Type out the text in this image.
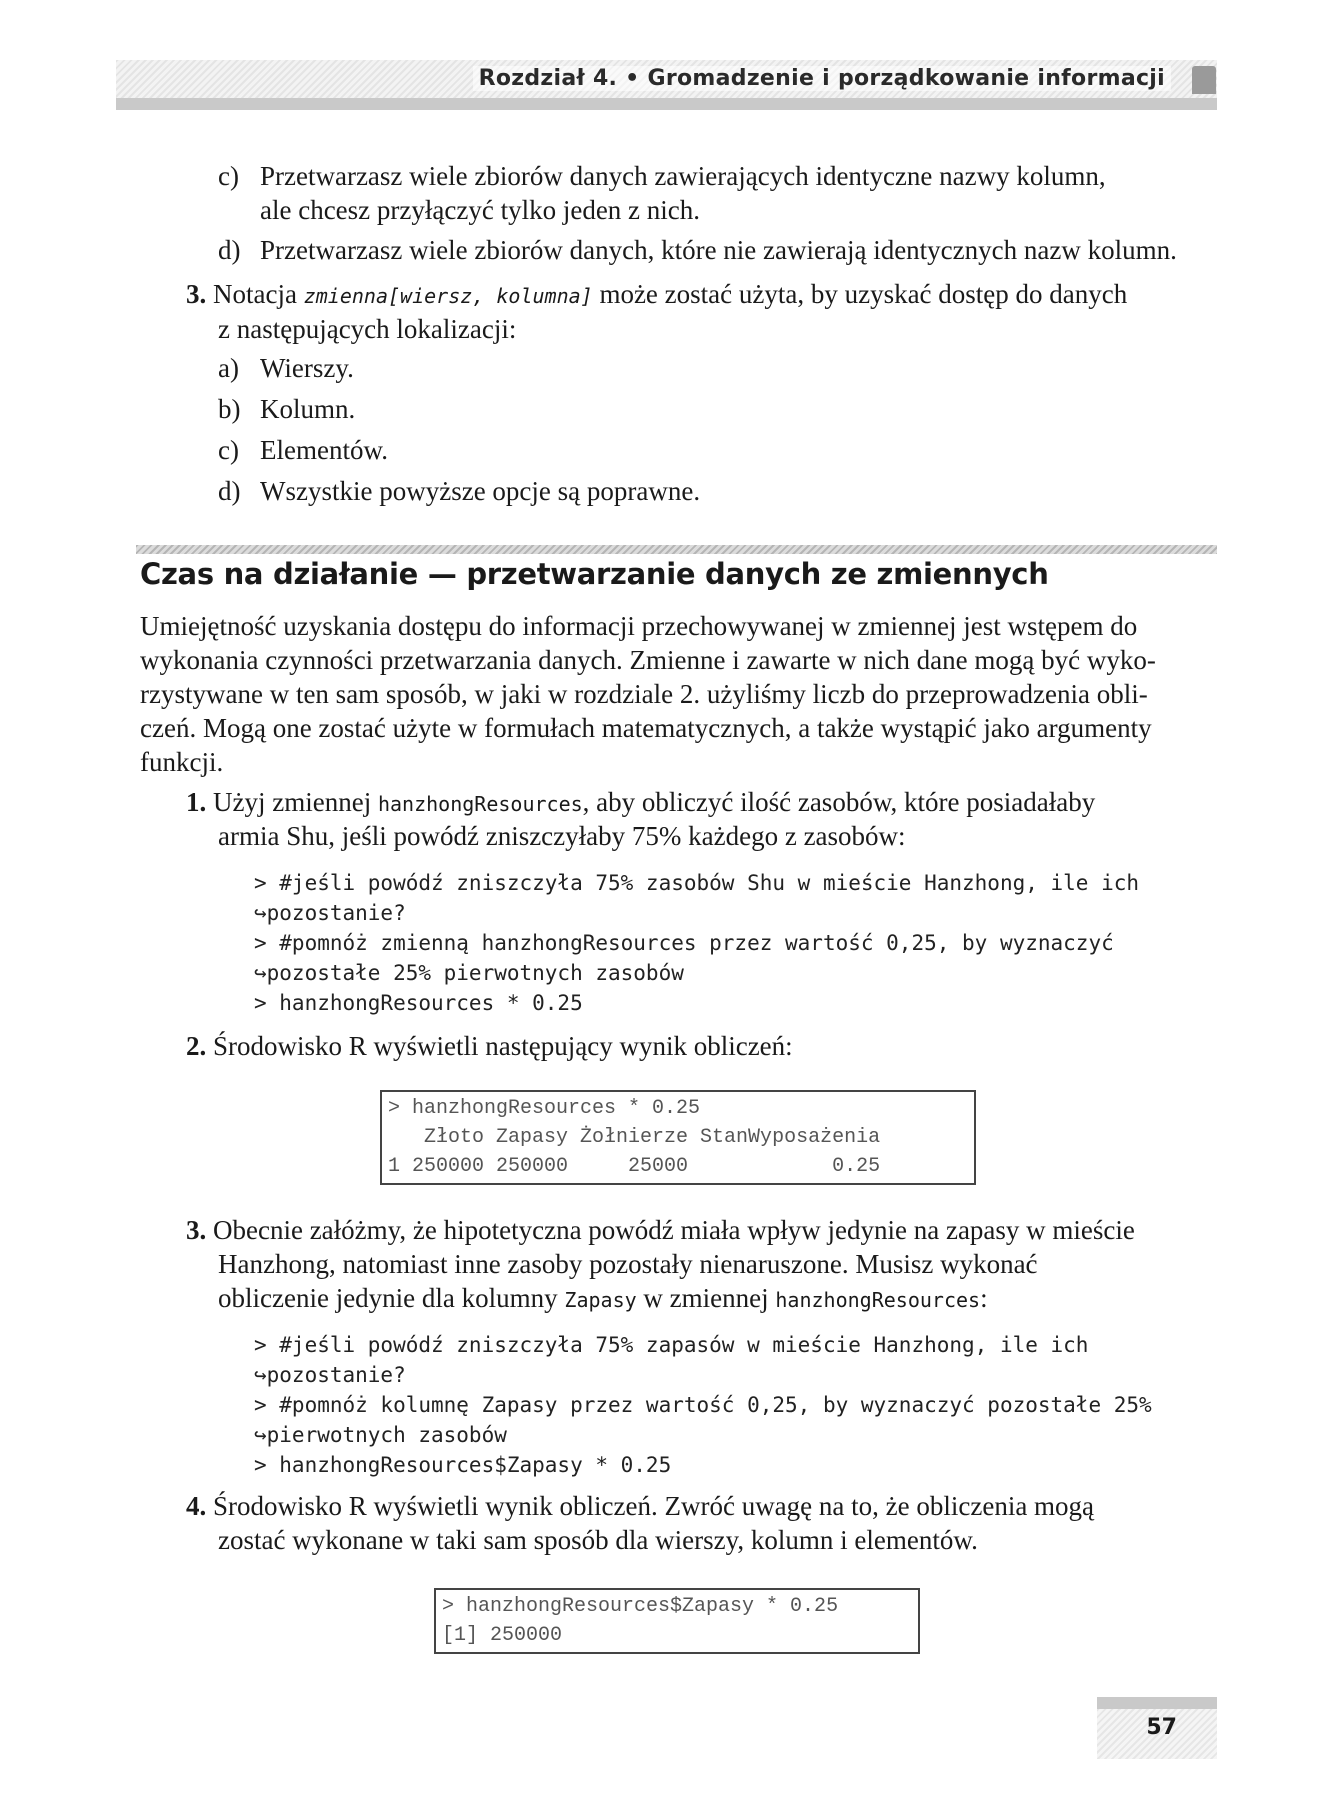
Rozdział 4. • Gromadzenie i porządkowanie informacji
c) Przetwarzasz wiele zbiorów danych zawierających identyczne nazwy kolumn,
ale chcesz przyłączyć tylko jeden z nich.
d) Przetwarzasz wiele zbiorów danych, które nie zawierają identycznych nazw kolumn.
3. Notacja zmienna[wiersz, kolumna] może zostać użyta, by uzyskać dostęp do danych
z następujących lokalizacji:
a) Wierszy.
b) Kolumn.
c) Elementów.
d) Wszystkie powyższe opcje są poprawne.
Czas na działanie — przetwarzanie danych ze zmiennych
Umiejętność uzyskania dostępu do informacji przechowywanej w zmiennej jest wstępem do
wykonania czynności przetwarzania danych. Zmienne i zawarte w nich dane mogą być wyko-
rzystywane w ten sam sposób, w jaki w rozdziale 2. użyliśmy liczb do przeprowadzenia obli-
czeń. Mogą one zostać użyte w formułach matematycznych, a także wystąpić jako argumenty
funkcji.
1. Użyj zmiennej hanzhongResources, aby obliczyć ilość zasobów, które posiadałaby
armia Shu, jeśli powódź zniszczyłaby 75% każdego z zasobów:
> #jeśli powódź zniszczyła 75% zasobów Shu w mieście Hanzhong, ile ich
↪pozostanie?
> #pomnóż zmienną hanzhongResources przez wartość 0,25, by wyznaczyć
↪pozostałe 25% pierwotnych zasobów
> hanzhongResources * 0.25
2. Środowisko R wyświetli następujący wynik obliczeń:
> hanzhongResources * 0.25
Złoto Zapasy Żołnierze StanWyposażenia
1 250000 250000     25000            0.25
3. Obecnie załóżmy, że hipotetyczna powódź miała wpływ jedynie na zapasy w mieście
Hanzhong, natomiast inne zasoby pozostały nienaruszone. Musisz wykonać
obliczenie jedynie dla kolumny Zapasy w zmiennej hanzhongResources:
> #jeśli powódź zniszczyła 75% zapasów w mieście Hanzhong, ile ich
↪pozostanie?
> #pomnóż kolumnę Zapasy przez wartość 0,25, by wyznaczyć pozostałe 25%
↪pierwotnych zasobów
> hanzhongResources$Zapasy * 0.25
4. Środowisko R wyświetli wynik obliczeń. Zwróć uwagę na to, że obliczenia mogą
zostać wykonane w taki sam sposób dla wierszy, kolumn i elementów.
> hanzhongResources$Zapasy * 0.25
[1] 250000
57
